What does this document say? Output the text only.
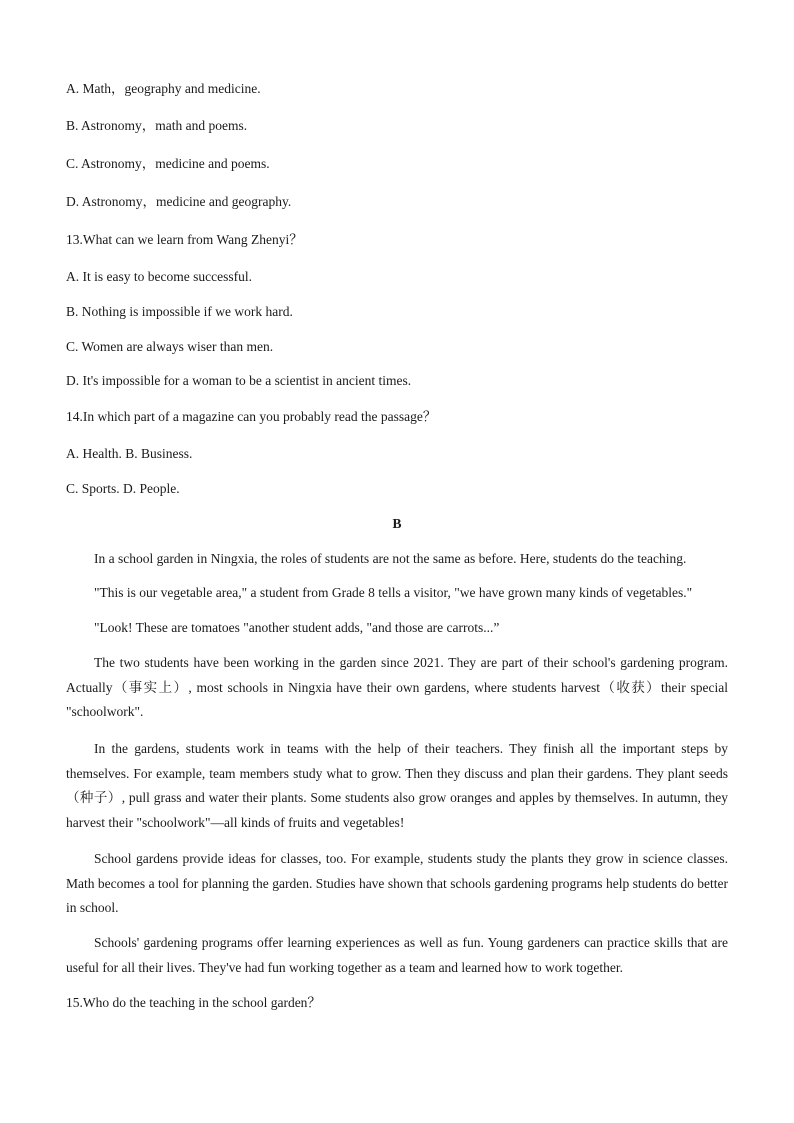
A. Math，geography and medicine.
B. Astronomy，math and poems.
C. Astronomy，medicine and poems.
D. Astronomy，medicine and geography.
13.What can we learn from Wang Zhenyi？
A. It is easy to become successful.
B. Nothing is impossible if we work hard.
C. Women are always wiser than men.
D. It's impossible for a woman to be a scientist in ancient times.
14.In which part of a magazine can you probably read the passage？
A. Health. B. Business.
C. Sports. D. People.
B
In a school garden in Ningxia, the roles of students are not the same as before. Here, students do the teaching.
"This is our vegetable area," a student from Grade 8 tells a visitor, "we have grown many kinds of vegetables."
"Look! These are tomatoes "another student adds, "and those are carrots...”
The two students have been working in the garden since 2021. They are part of their school's gardening program. Actually（事实上）, most schools in Ningxia have their own gardens, where students harvest（收获）their special "schoolwork".
In the gardens, students work in teams with the help of their teachers. They finish all the important steps by themselves. For example, team members study what to grow. Then they discuss and plan their gardens. They plant seeds（种子）, pull grass and water their plants. Some students also grow oranges and apples by themselves. In autumn, they harvest their "schoolwork"—all kinds of fruits and vegetables!
School gardens provide ideas for classes, too. For example, students study the plants they grow in science classes. Math becomes a tool for planning the garden. Studies have shown that schools gardening programs help students do better in school.
Schools' gardening programs offer learning experiences as well as fun. Young gardeners can practice skills that are useful for all their lives. They've had fun working together as a team and learned how to work together.
15.Who do the teaching in the school garden？
